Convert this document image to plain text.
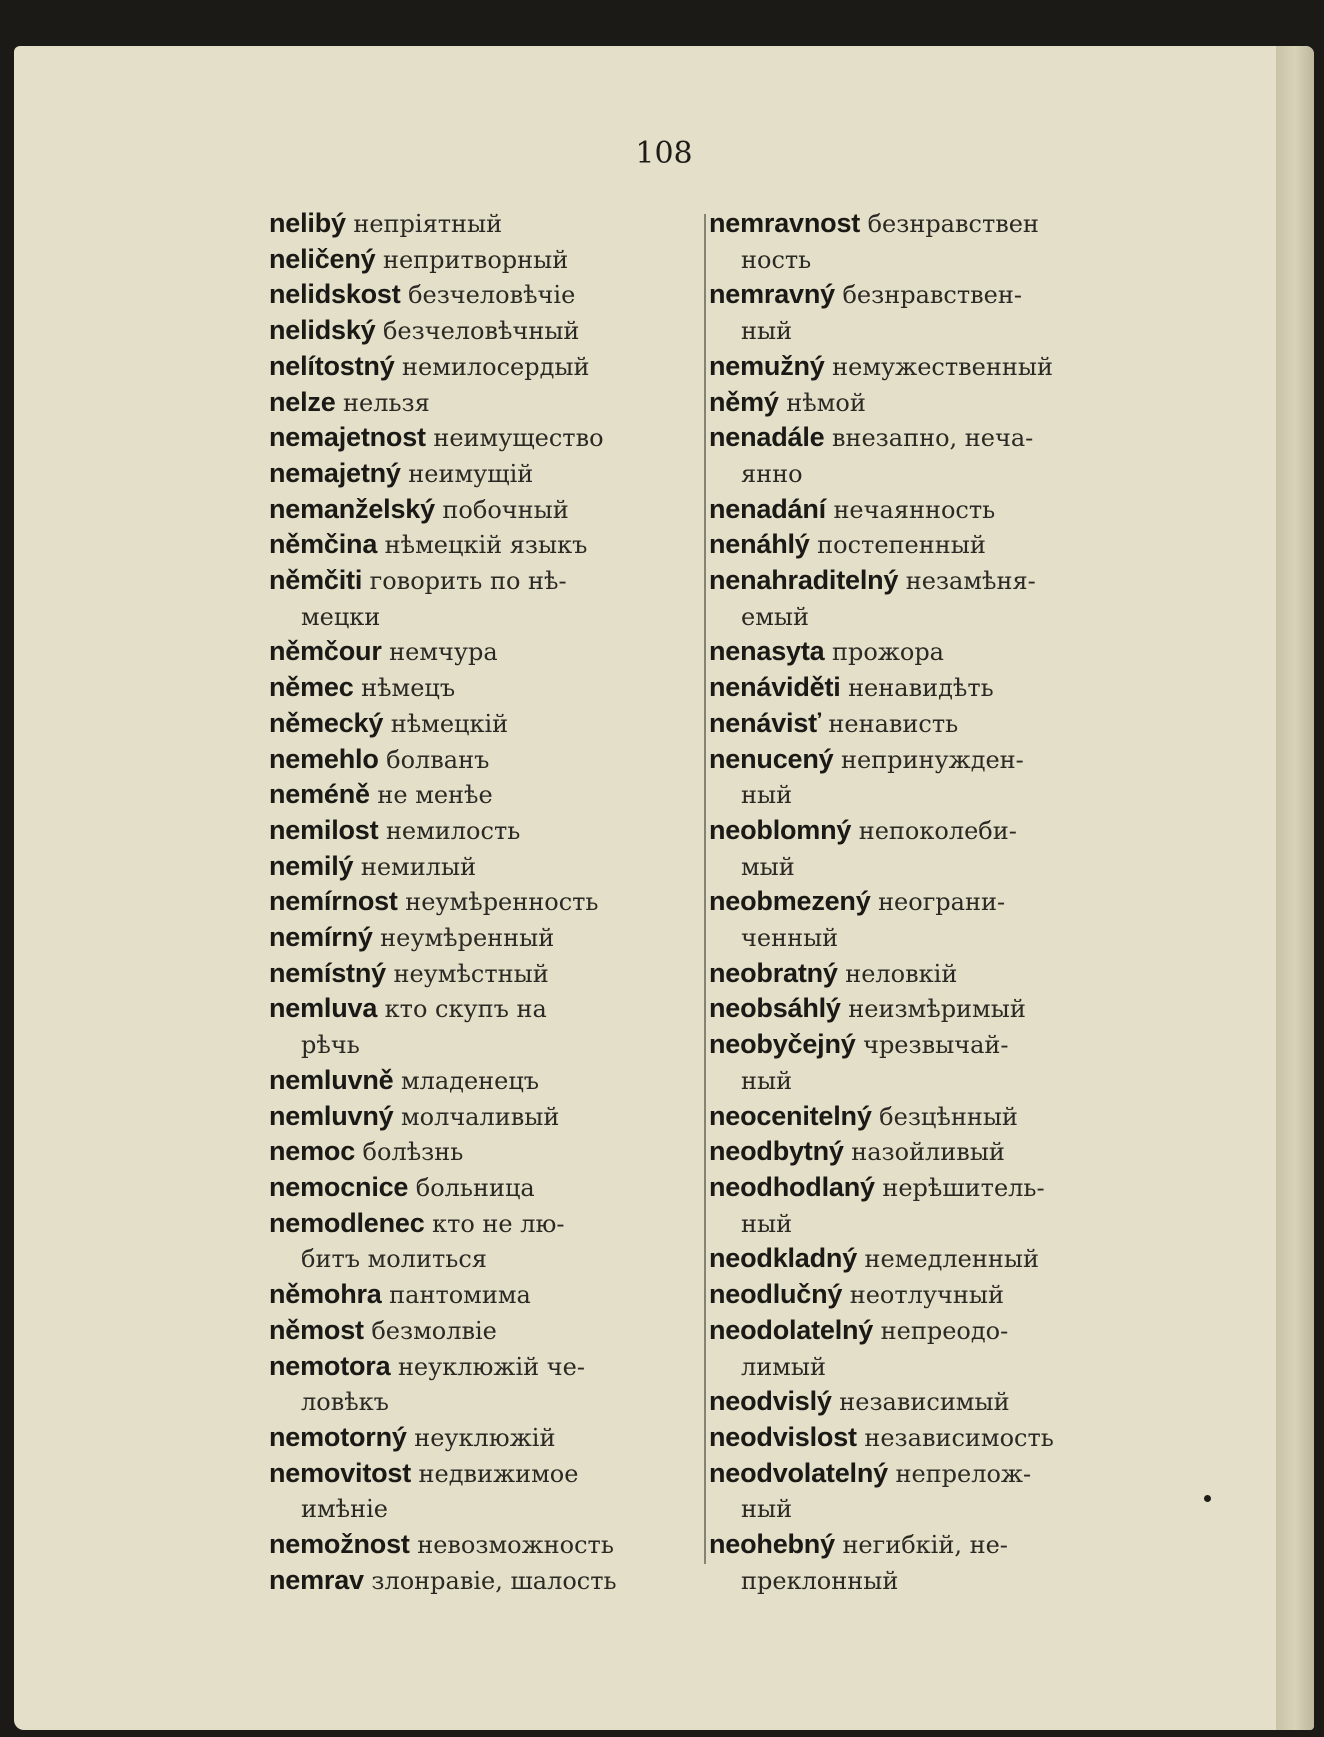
108

nelibý непріятный

neličený непритворный

nelidskost безчеловѣчіе

nelidský безчеловѣчный

nelítostný немилосердый

nelze нельзя

nemajetnost неимущество

nemajetný неимущій

nemanželský побочный

němčina нѣмецкій языкъ

němčiti говорить по нѣ-

мецки

němčour немчура

němec нѣмецъ

německý нѣмецкій

nemehlo болванъ

neméně не менѣе

nemilost немилость

nemilý немилый

nemírnost неумѣренность

nemírný неумѣренный

nemístný неумѣстный

nemluva кто скупъ на

рѣчь

nemluvně младенецъ

nemluvný молчаливый

nemoc болѣзнь

nemocnice больница

nemodlenec кто не лю-

битъ молиться

němohra пантомима

němost безмолвіе

nemotora неуклюжій че-

ловѣкъ

nemotorný неуклюжій

nemovitost недвижимое

имѣніе

nemožnost невозможность

nemrav злонравіе, шалость

nemravnost безнравствен

ность

nemravný безнравствен-

ный

nemužný немужественный

němý нѣмой

nenadále внезапно, неча-

янно

nenadání нечаянность

nenáhlý постепенный

nenahraditelný незамѣня-

емый

nenasyta прожора

nenáviděti ненавидѣть

nenávisť ненависть

nenucený непринужден-

ный

neoblomný непоколеби-

мый

neobmezený неограни-

ченный

neobratný неловкій

neobsáhlý неизмѣримый

neobyčejný чрезвычай-

ный

neocenitelný безцѣнный

neodbytný назойливый

neodhodlaný нерѣшитель-

ный

neodkladný немедленный

neodlučný неотлучный

neodolatelný непреодо-

лимый

neodvislý независимый

neodvislost независимость

neodvolatelný непрелож-

ный

neohebný негибкій, не-

преклонный
